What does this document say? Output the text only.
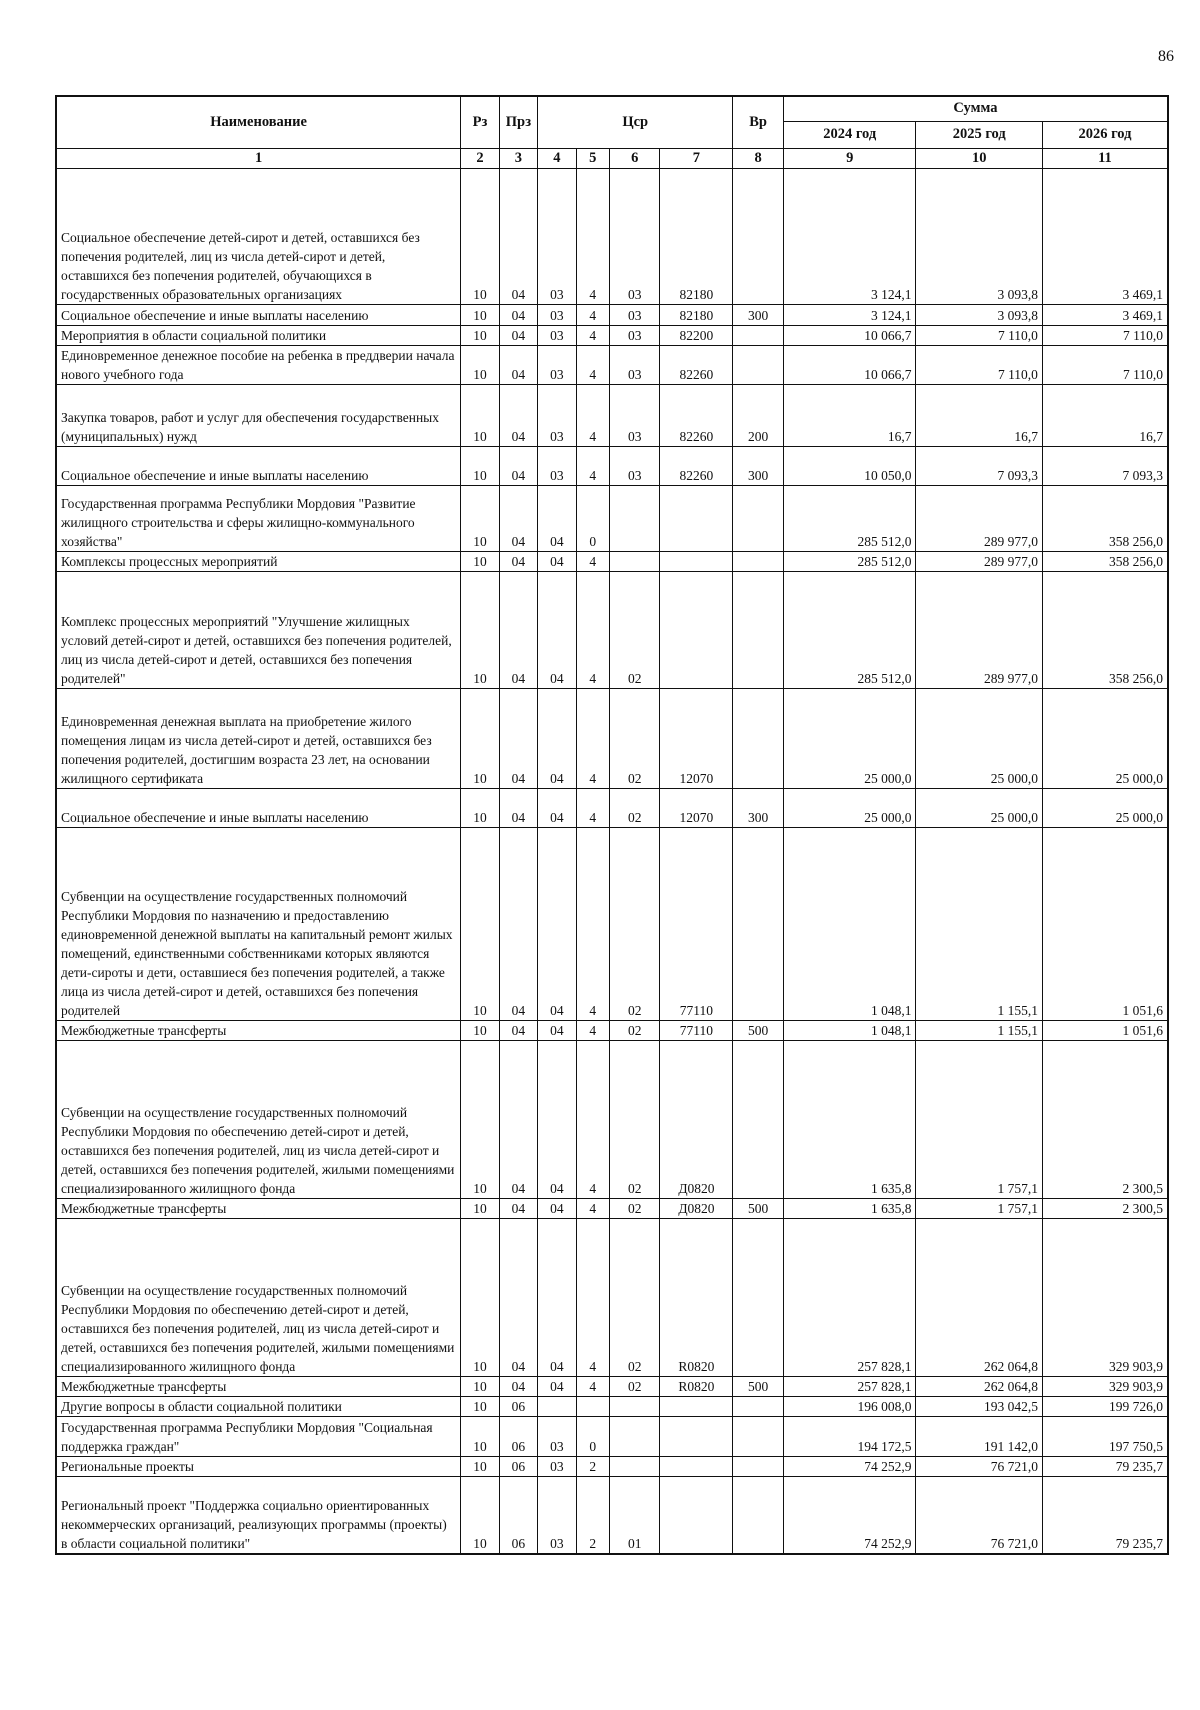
86
Наименование	Рз	Прз	Цср				Вр	Сумма		
								2024 год	2025 год	2026 год
1	2	3	4	5	6	7	8	9	10	11
Социальное обеспечение детей-сирот и детей, оставшихся без попечения родителей, лиц из числа детей-сирот и детей, оставшихся без попечения родителей, обучающихся в государственных образовательных организациях	10	04	03	4	03	82180		3 124,1	3 093,8	3 469,1
Социальное обеспечение и иные выплаты населению	10	04	03	4	03	82180	300	3 124,1	3 093,8	3 469,1
Мероприятия в области социальной политики	10	04	03	4	03	82200		10 066,7	7 110,0	7 110,0
Единовременное денежное пособие на ребенка в преддверии начала нового учебного года	10	04	03	4	03	82260		10 066,7	7 110,0	7 110,0
Закупка товаров, работ и услуг для обеспечения государственных (муниципальных) нужд	10	04	03	4	03	82260	200	16,7	16,7	16,7
Социальное обеспечение и иные выплаты населению	10	04	03	4	03	82260	300	10 050,0	7 093,3	7 093,3
Государственная программа Республики Мордовия "Развитие жилищного строительства и сферы жилищно-коммунального хозяйства"	10	04	04	0				285 512,0	289 977,0	358 256,0
Комплексы процессных мероприятий	10	04	04	4				285 512,0	289 977,0	358 256,0
Комплекс процессных мероприятий "Улучшение жилищных условий детей-сирот и детей, оставшихся без попечения родителей, лиц из числа детей-сирот и детей, оставшихся без попечения родителей"	10	04	04	4	02			285 512,0	289 977,0	358 256,0
Единовременная денежная выплата на приобретение жилого помещения лицам из числа детей-сирот и детей, оставшихся без попечения родителей, достигшим возраста 23 лет, на основании жилищного сертификата	10	04	04	4	02	12070		25 000,0	25 000,0	25 000,0
Социальное обеспечение и иные выплаты населению	10	04	04	4	02	12070	300	25 000,0	25 000,0	25 000,0
Субвенции на осуществление государственных полномочий Республики Мордовия по назначению и предоставлению единовременной денежной выплаты на капитальный ремонт жилых помещений, единственными собственниками которых являются дети-сироты и дети, оставшиеся без попечения родителей, а также лица из числа детей-сирот и детей, оставшихся без попечения родителей	10	04	04	4	02	77110		1 048,1	1 155,1	1 051,6
Межбюджетные трансферты	10	04	04	4	02	77110	500	1 048,1	1 155,1	1 051,6
Субвенции на осуществление государственных полномочий Республики Мордовия по обеспечению детей-сирот и детей, оставшихся без попечения родителей, лиц из числа детей-сирот и детей, оставшихся без попечения родителей, жилыми помещениями специализированного жилищного фонда	10	04	04	4	02	Д0820		1 635,8	1 757,1	2 300,5
Межбюджетные трансферты	10	04	04	4	02	Д0820	500	1 635,8	1 757,1	2 300,5
Субвенции на осуществление государственных полномочий Республики Мордовия по обеспечению детей-сирот и детей, оставшихся без попечения родителей, лиц из числа детей-сирот и детей, оставшихся без попечения родителей, жилыми помещениями специализированного жилищного фонда	10	04	04	4	02	R0820		257 828,1	262 064,8	329 903,9
Межбюджетные трансферты	10	04	04	4	02	R0820	500	257 828,1	262 064,8	329 903,9
Другие вопросы в области социальной политики	10	06						196 008,0	193 042,5	199 726,0
Государственная программа Республики Мордовия "Социальная поддержка граждан"	10	06	03	0				194 172,5	191 142,0	197 750,5
Региональные проекты	10	06	03	2				74 252,9	76 721,0	79 235,7
Региональный проект "Поддержка социально ориентированных некоммерческих организаций, реализующих программы (проекты) в области социальной политики"	10	06	03	2	01			74 252,9	76 721,0	79 235,7
